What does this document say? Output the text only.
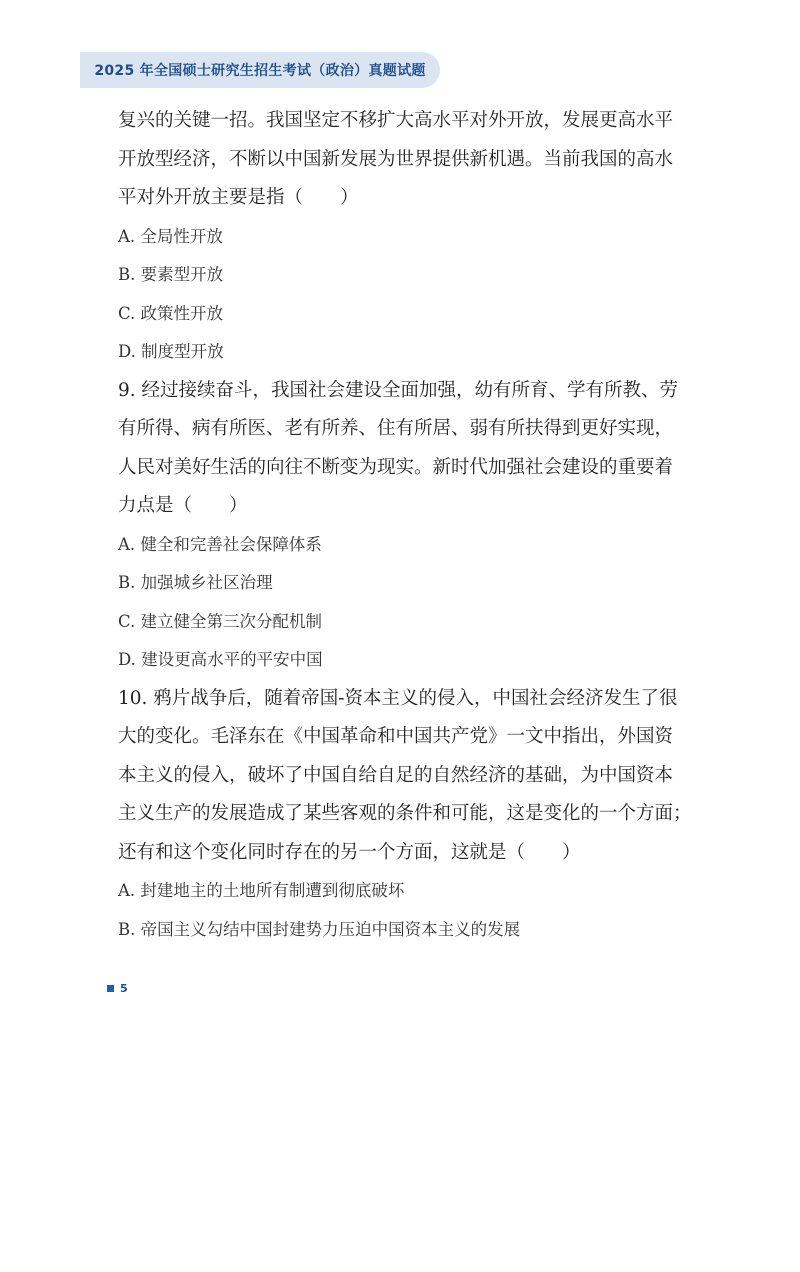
2025 年全国硕士研究生招生考试（政治）真题试题
复兴的关键一招。我国坚定不移扩大高水平对外开放，发展更高水平
开放型经济，不断以中国新发展为世界提供新机遇。当前我国的高水
平对外开放主要是指（　　）
A. 全局性开放
B. 要素型开放
C. 政策性开放
D. 制度型开放
9. 经过接续奋斗，我国社会建设全面加强，幼有所育、学有所教、劳
有所得、病有所医、老有所养、住有所居、弱有所扶得到更好实现，
人民对美好生活的向往不断变为现实。新时代加强社会建设的重要着
力点是（　　）
A. 健全和完善社会保障体系
B. 加强城乡社区治理
C. 建立健全第三次分配机制
D. 建设更高水平的平安中国
10. 鸦片战争后，随着帝国-资本主义的侵入，中国社会经济发生了很
大的变化。毛泽东在《中国革命和中国共产党》一文中指出，外国资
本主义的侵入，破坏了中国自给自足的自然经济的基础，为中国资本
主义生产的发展造成了某些客观的条件和可能，这是变化的一个方面；
还有和这个变化同时存在的另一个方面，这就是（　　）
A. 封建地主的土地所有制遭到彻底破坏
B. 帝国主义勾结中国封建势力压迫中国资本主义的发展
5
